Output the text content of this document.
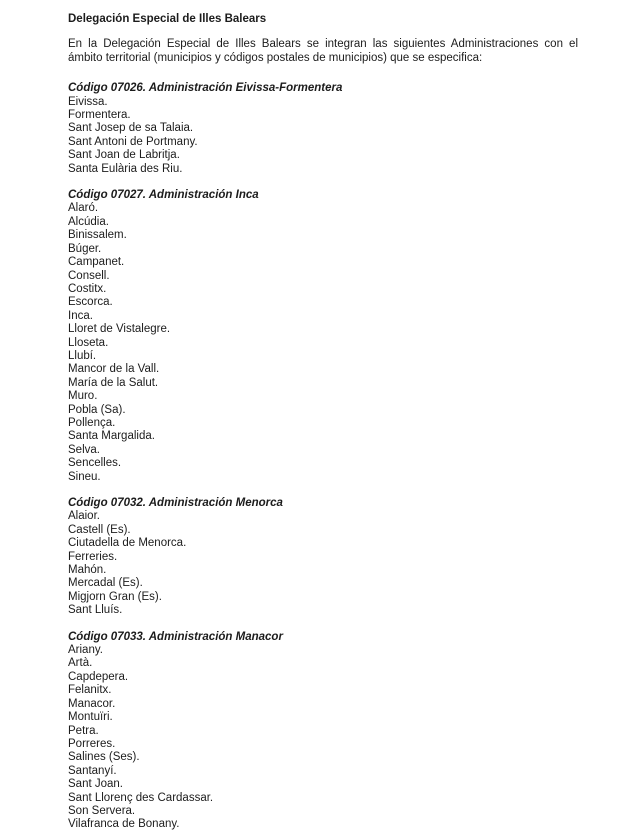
Delegación Especial de Illes Balears

En la Delegación Especial de Illes Balears se integran las siguientes Administraciones con el ámbito territorial (municipios y códigos postales de municipios) que se especifica:

Código 07026. Administración Eivissa-Formentera
Eivissa.
Formentera.
Sant Josep de sa Talaia.
Sant Antoni de Portmany.
Sant Joan de Labritja.
Santa Eulària des Riu.
Código 07027. Administración Inca
Alaró.
Alcúdia.
Binissalem.
Búger.
Campanet.
Consell.
Costitx.
Escorca.
Inca.
Lloret de Vistalegre.
Lloseta.
Llubí.
Mancor de la Vall.
María de la Salut.
Muro.
Pobla (Sa).
Pollença.
Santa Margalida.
Selva.
Sencelles.
Sineu.
Código 07032. Administración Menorca
Alaior.
Castell (Es).
Ciutadella de Menorca.
Ferreries.
Mahón.
Mercadal (Es).
Migjorn Gran (Es).
Sant Lluís.
Código 07033. Administración Manacor
Ariany.
Artà.
Capdepera.
Felanitx.
Manacor.
Montuïri.
Petra.
Porreres.
Salines (Ses).
Santanyí.
Sant Joan.
Sant Llorenç des Cardassar.
Son Servera.
Vilafranca de Bonany.
